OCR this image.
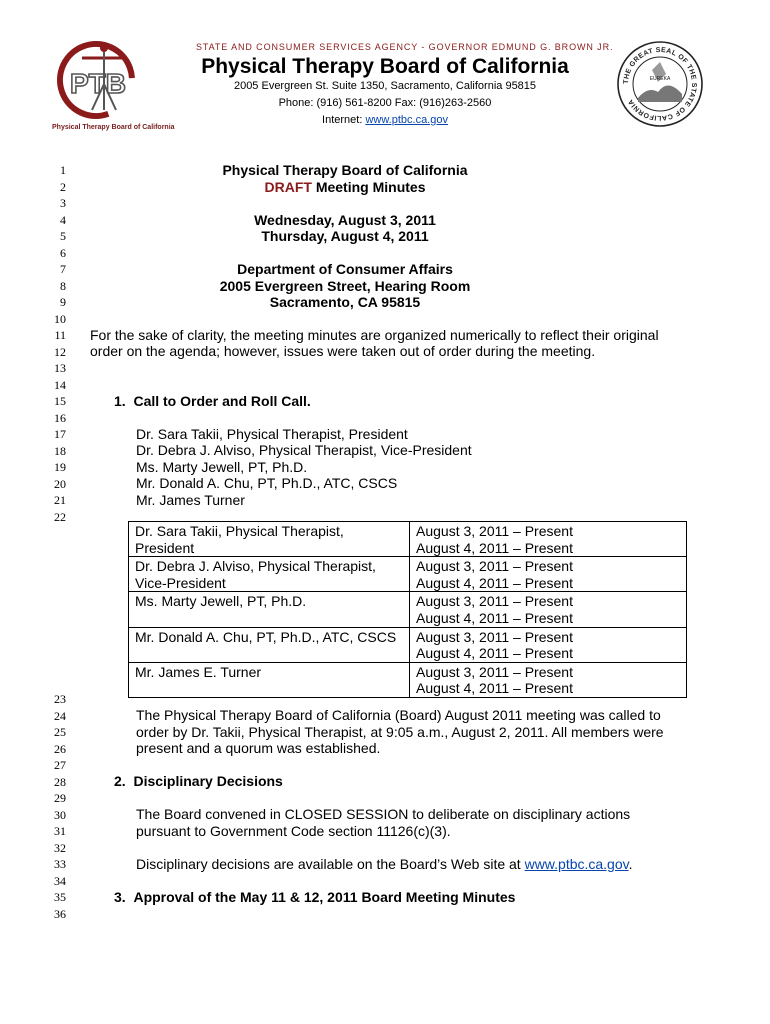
PTB
Physical Therapy Board of California
STATE AND CONSUMER SERVICES AGENCY - GOVERNOR EDMUND G. BROWN JR.
Physical Therapy Board of California
2005 Evergreen St. Suite 1350, Sacramento, California 95815
Phone: (916) 561-8200 Fax: (916)263-2560
Internet: www.ptbc.ca.gov
THE GREAT SEAL OF THE STATE OF CALIFORNIA
EUREKA
1
2
3
4
5
6
7
8
9
10
11
12
13
14
15
16
17
18
19
20
21
22
23
24
25
26
27
28
29
30
31
32
33
34
35
36
Physical Therapy Board of California
DRAFT Meeting Minutes
Wednesday, August 3, 2011
Thursday, August 4, 2011
Department of Consumer Affairs
2005 Evergreen Street, Hearing Room
Sacramento, CA 95815
For the sake of clarity, the meeting minutes are organized numerically to reflect their original
order on the agenda; however, issues were taken out of order during the meeting.
1.  Call to Order and Roll Call.
Dr. Sara Takii, Physical Therapist, President
Dr. Debra J. Alviso, Physical Therapist, Vice-President
Ms. Marty Jewell, PT, Ph.D.
Mr. Donald A. Chu, PT, Ph.D., ATC, CSCS
Mr. James Turner
Dr. Sara Takii, Physical Therapist,
President	August 3, 2011 – Present
August 4, 2011 – Present
Dr. Debra J. Alviso, Physical Therapist,
Vice-President	August 3, 2011 – Present
August 4, 2011 – Present
Ms. Marty Jewell, PT, Ph.D.	August 3, 2011 – Present
August 4, 2011 – Present
Mr. Donald A. Chu, PT, Ph.D., ATC, CSCS	August 3, 2011 – Present
August 4, 2011 – Present
Mr. James E. Turner	August 3, 2011 – Present
August 4, 2011 – Present
The Physical Therapy Board of California (Board) August 2011 meeting was called to
order by Dr. Takii, Physical Therapist, at 9:05 a.m., August 2, 2011. All members were
present and a quorum was established.
2.  Disciplinary Decisions
The Board convened in CLOSED SESSION to deliberate on disciplinary actions
pursuant to Government Code section 11126(c)(3).
Disciplinary decisions are available on the Board’s Web site at www.ptbc.ca.gov.
3.  Approval of the May 11 & 12, 2011 Board Meeting Minutes
